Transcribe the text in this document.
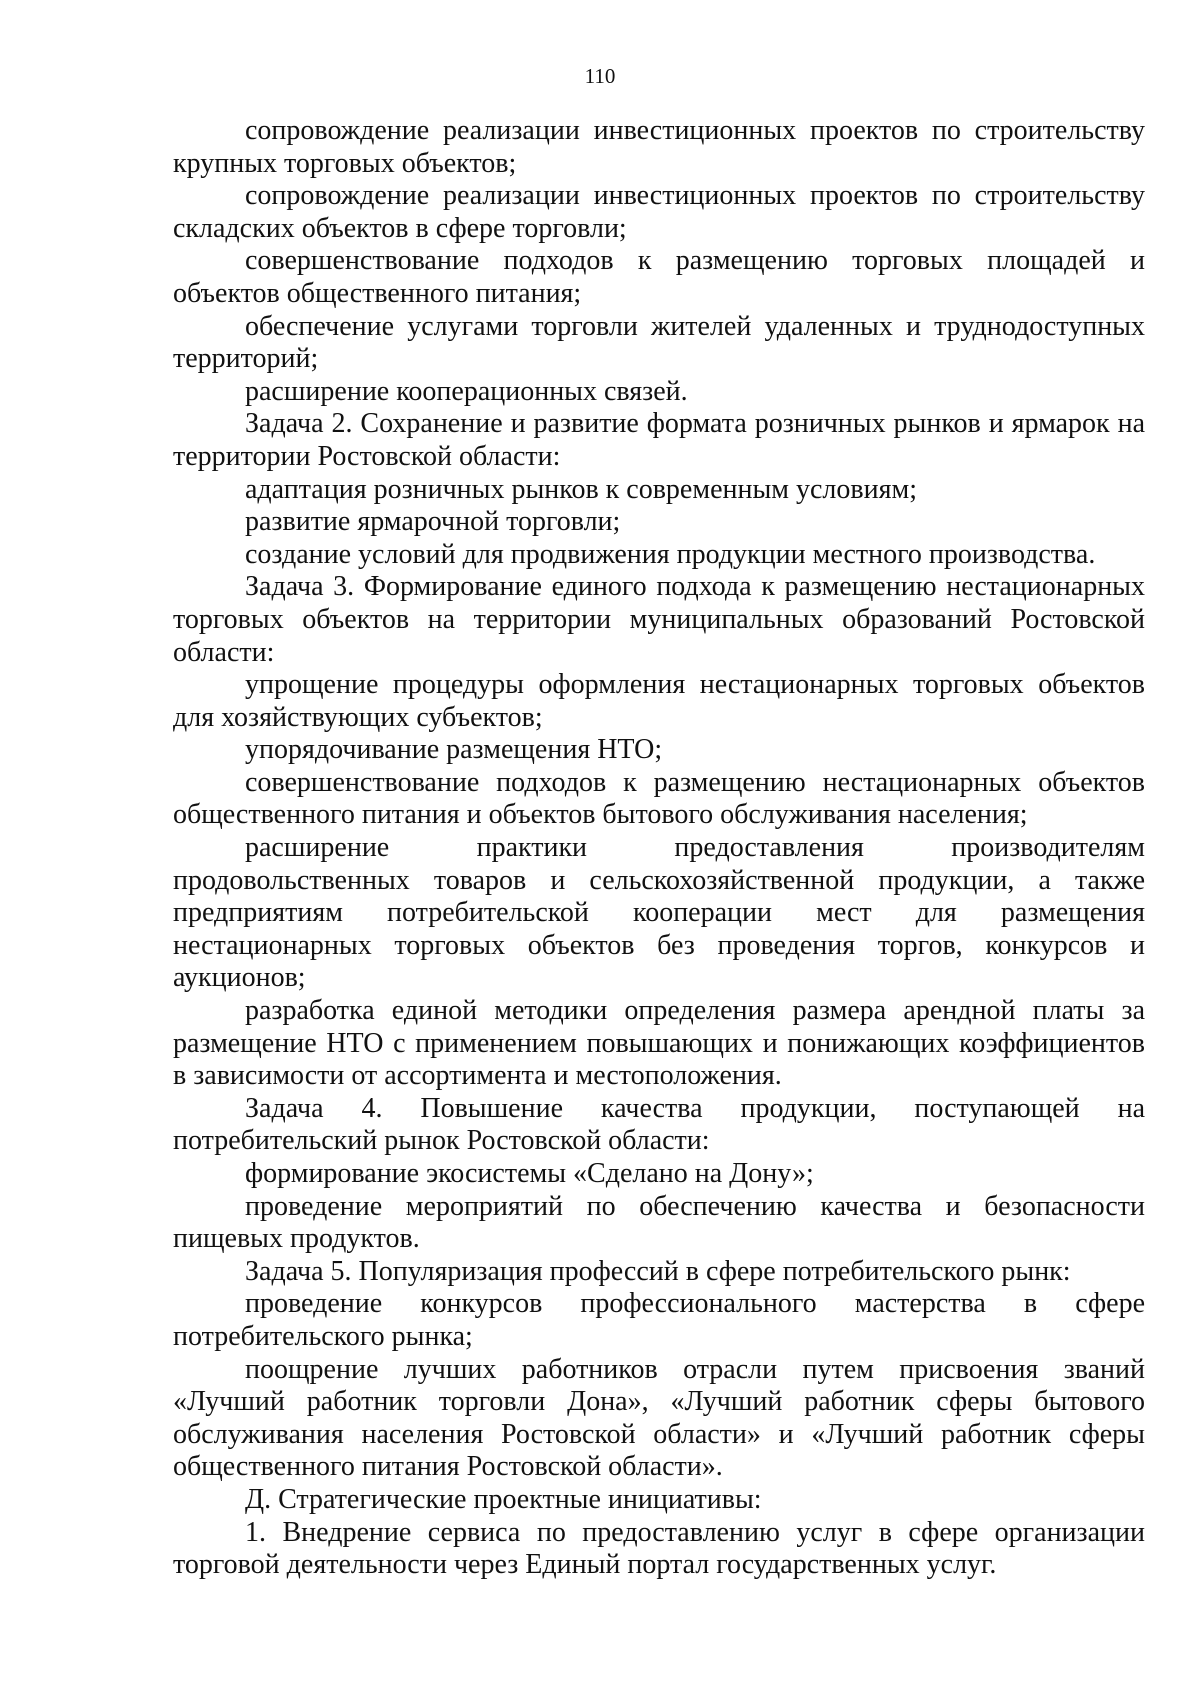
110

сопровождение реализации инвестиционных проектов по строительству крупных торговых объектов;

сопровождение реализации инвестиционных проектов по строительству складских объектов в сфере торговли;

совершенствование подходов к размещению торговых площадей и объектов общественного питания;

обеспечение услугами торговли жителей удаленных и труднодоступных территорий;

расширение кооперационных связей.

Задача 2. Сохранение и развитие формата розничных рынков и ярмарок на территории Ростовской области:

адаптация розничных рынков к современным условиям;

развитие ярмарочной торговли;

создание условий для продвижения продукции местного производства.

Задача 3. Формирование единого подхода к размещению нестационарных торговых объектов на территории муниципальных образований Ростовской области:

упрощение процедуры оформления нестационарных торговых объектов для хозяйствующих субъектов;

упорядочивание размещения НТО;

совершенствование подходов к размещению нестационарных объектов общественного питания и объектов бытового обслуживания населения;

расширение практики предоставления производителям продовольственных товаров и сельскохозяйственной продукции, а также предприятиям потребительской кооперации мест для размещения нестационарных торговых объектов без проведения торгов, конкурсов и аукционов;

разработка единой методики определения размера арендной платы за размещение НТО с применением повышающих и понижающих коэффициентов в зависимости от ассортимента и местоположения.

Задача 4. Повышение качества продукции, поступающей на потребительский рынок Ростовской области:

формирование экосистемы «Сделано на Дону»;

проведение мероприятий по обеспечению качества и безопасности пищевых продуктов.

Задача 5. Популяризация профессий в сфере потребительского рынк:

проведение конкурсов профессионального мастерства в сфере потребительского рынка;

поощрение лучших работников отрасли путем присвоения званий «Лучший работник торговли Дона», «Лучший работник сферы бытового обслуживания населения Ростовской области» и «Лучший работник сферы общественного питания Ростовской области».

Д. Стратегические проектные инициативы:

1. Внедрение сервиса по предоставлению услуг в сфере организации торговой деятельности через Единый портал государственных услуг.
